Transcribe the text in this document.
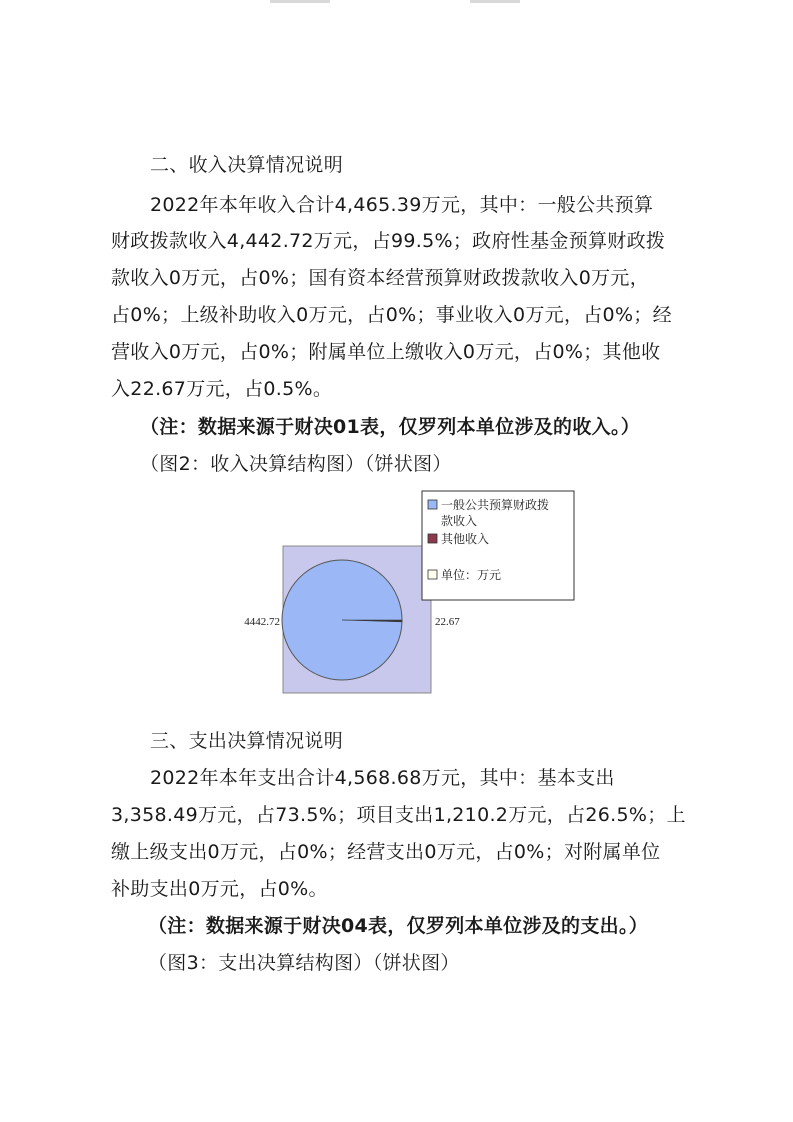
二、收入决算情况说明
2022年本年收入合计4,465.39万元，其中：一般公共预算
财政拨款收入4,442.72万元，占99.5%；政府性基金预算财政拨
款收入0万元，占0%；国有资本经营预算财政拨款收入0万元，
占0%；上级补助收入0万元，占0%；事业收入0万元，占0%；经
营收入0万元，占0%；附属单位上缴收入0万元，占0%；其他收
入22.67万元，占0.5%。
（注：数据来源于财决01表，仅罗列本单位涉及的收入。）
（图2：收入决算结构图）（饼状图）
4442.72	22.67
一般公共预算财政拨
款收入
其他收入
单位：万元
三、支出决算情况说明
2022年本年支出合计4,568.68万元，其中：基本支出
3,358.49万元，占73.5%；项目支出1,210.2万元，占26.5%；上
缴上级支出0万元，占0%；经营支出0万元，占0%；对附属单位
补助支出0万元，占0%。
（注：数据来源于财决04表，仅罗列本单位涉及的支出。）
（图3：支出决算结构图）（饼状图）
